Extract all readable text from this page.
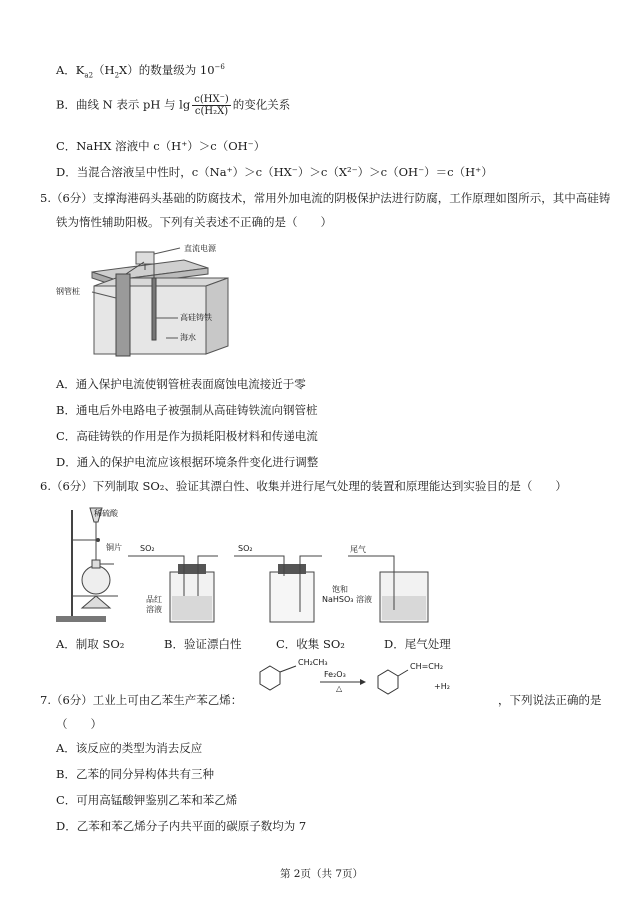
A．$K_{a2}(H_2X)$的数量级为 $10^{-6}$
B．曲线 N 表示 pH 与 $\lg \frac{c(HX^-)}{\text{c(H₂X)}}$ 的变化关系
C．NaHX 溶液中 c（H⁺）＞c（OH⁻）
D．当混合溶液呈中性时，c（Na⁺）＞c（HX⁻）＞c（X²⁻）＞c（OH⁻）＝c（H⁺）
5.（6分）支撑海港码头基础的防腐技术，常用外加电流的阴极保护法进行防腐，工作原理如图所示，其中高硅铸
铁为惰性辅助阳极。下列有关表述不正确的是（　　）
直流电源
钢管桩
高硅铸铁
海水
A．通入保护电流使钢管桩表面腐蚀电流接近于零
B．通电后外电路电子被强制从高硅铸铁流向钢管桩
C．高硅铸铁的作用是作为损耗阳极材料和传递电流
D．通入的保护电流应该根据环境条件变化进行调整
6.（6分）下列制取 SO₂、验证其漂白性、收集并进行尾气处理的装置和原理能达到实验目的是（　　）
稀硫酸
铜片 SO₂
品红
溶液
SO₂	尾气
饱和
NaHSO₃ 溶液
A．制取 SO₂	B．验证漂白性	C．收集 SO₂	D．尾气处理
CH₂CH₃
Fe₂O₃
△
CH=CH₂
+H₂
7.（6分）工业上可由乙苯生产苯乙烯：	，下列说法正确的是
（　　）
A．该反应的类型为消去反应
B．乙苯的同分异构体共有三种
C．可用高锰酸钾鉴别乙苯和苯乙烯
D．乙苯和苯乙烯分子内共平面的碳原子数均为 7
第 2页（共 7页）
